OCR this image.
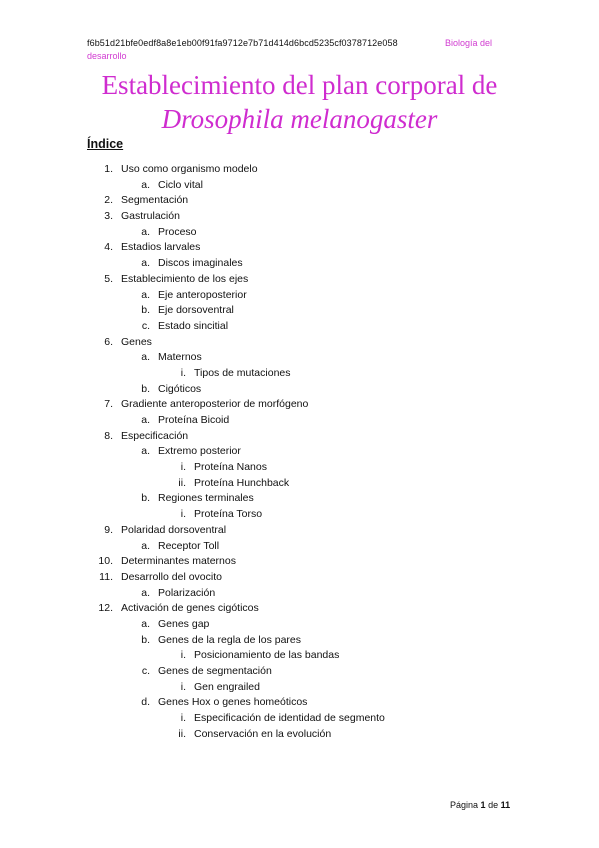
f6b51d21bfe0edf8a8e1eb00f91fa9712e7b71d414d6bcd5235cf0378712e058	Biología del
desarrollo
Establecimiento del plan corporal de
Drosophila melanogaster
Índice
1. Uso como organismo modelo
a. Ciclo vital
2. Segmentación
3. Gastrulación
a. Proceso
4. Estadios larvales
a. Discos imaginales
5. Establecimiento de los ejes
a. Eje anteroposterior
b. Eje dorsoventral
c. Estado sincitial
6. Genes
a. Maternos
i. Tipos de mutaciones
b. Cigóticos
7. Gradiente anteroposterior de morfógeno
a. Proteína Bicoid
8. Especificación
a. Extremo posterior
i. Proteína Nanos
ii. Proteína Hunchback
b. Regiones terminales
i. Proteína Torso
9. Polaridad dorsoventral
a. Receptor Toll
10. Determinantes maternos
11. Desarrollo del ovocito
a. Polarización
12. Activación de genes cigóticos
a. Genes gap
b. Genes de la regla de los pares
i. Posicionamiento de las bandas
c. Genes de segmentación
i. Gen engrailed
d. Genes Hox o genes homeóticos
i. Especificación de identidad de segmento
ii. Conservación en la evolución
Página 1 de 11
